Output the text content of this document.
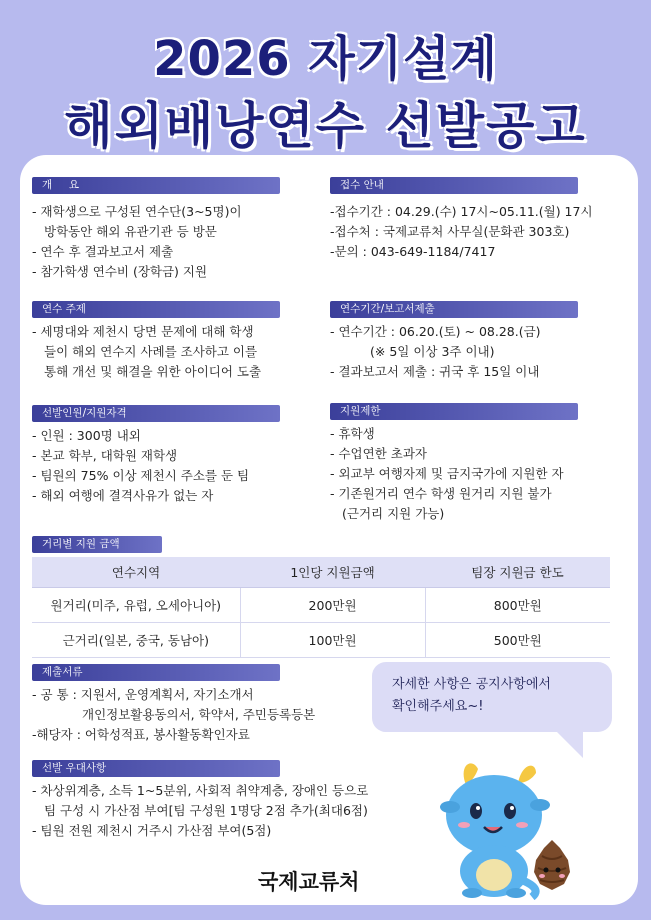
2026 자기설계
해외배낭연수 선발공고
개     요
- 재학생으로 구성된 연수단(3~5명)이
방학동안 해외 유관기관 등 방문
- 연수 후 결과보고서 제출
- 참가학생 연수비 (장학금) 지원
연수 주제
- 세명대와 제천시 당면 문제에 대해 학생
들이 해외 연수지 사례를 조사하고 이를
통해 개선 및 해결을 위한 아이디어 도출
선발인원/지원자격
- 인원 : 300명 내외
- 본교 학부, 대학원 재학생
- 팀원의 75% 이상 제천시 주소를 둔 팀
- 해외 여행에 결격사유가 없는 자
접수 안내
-접수기간 : 04.29.(수) 17시~05.11.(월) 17시
-접수처 : 국제교류처 사무실(문화관 303호)
-문의 : 043-649-1184/7417
연수기간/보고서제출
- 연수기간 : 06.20.(토) ~ 08.28.(금)
(※ 5일 이상 3주 이내)
- 결과보고서 제출 : 귀국 후 15일 이내
지원제한
- 휴학생
- 수업연한 초과자
- 외교부 여행자제 및 금지국가에 지원한 자
- 기존원거리 연수 학생 원거리 지원 불가
(근거리 지원 가능)
거리별 지원 금액
연수지역	1인당 지원금액	팀장 지원금 한도
원거리(미주, 유럽, 오세아니아)	200만원	800만원
근거리(일본, 중국, 동남아)	100만원	500만원
제출서류
- 공 통 : 지원서, 운영계획서, 자기소개서
개인정보활용동의서, 학약서, 주민등록등본
-해당자 : 어학성적표, 봉사활동확인자료
선발 우대사항
- 차상위계층, 소득 1~5분위, 사회적 취약계층, 장애인 등으로
팀 구성 시 가산점 부여[팀 구성원 1명당 2점 추가(최대6점)
- 팀원 전원 제천시 거주시 가산점 부여(5점)
자세한 사항은 공지사항에서
확인해주세요~!
국제교류처
